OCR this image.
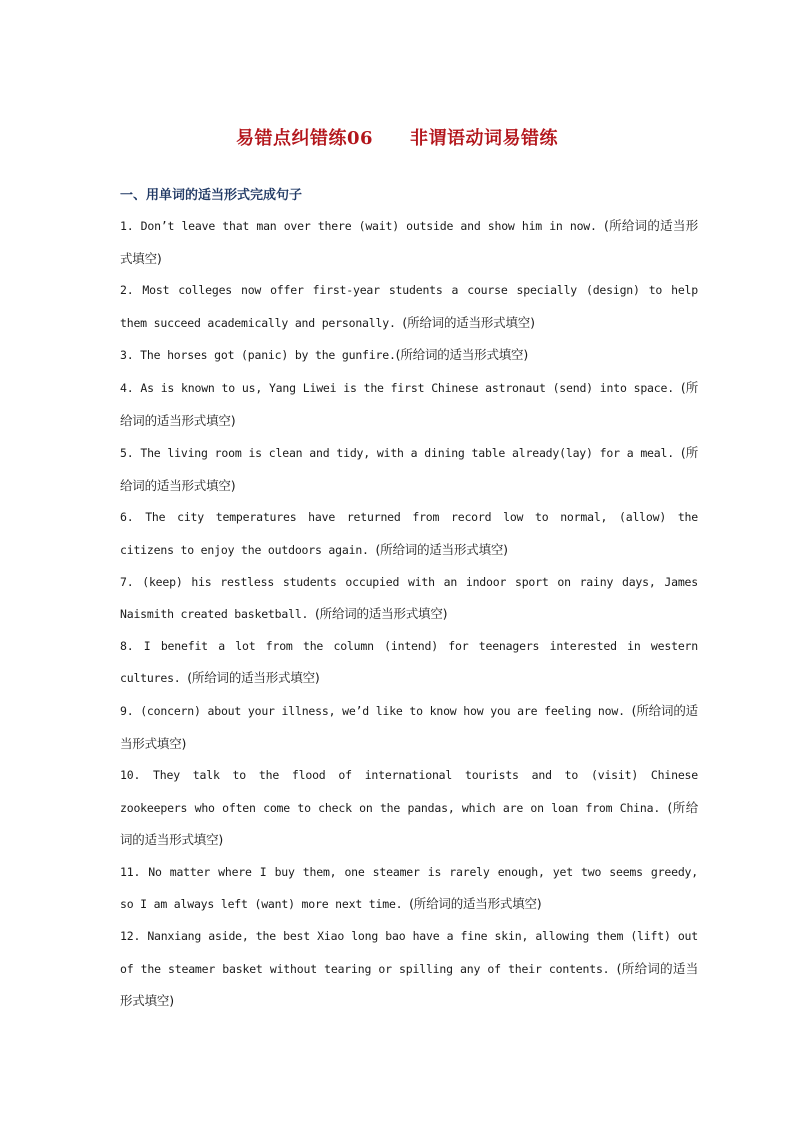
易错点纠错练06　　非谓语动词易错练
一、用单词的适当形式完成句子

1. Don’t leave that man over there (wait) outside and show him in now. (所给词的适当形式填空)

2. Most colleges now offer first-year students a course specially (design) to help them succeed academically and personally. (所给词的适当形式填空)

3. The horses got (panic) by the gunfire.(所给词的适当形式填空)

4. As is known to us, Yang Liwei is the first Chinese astronaut (send) into space. (所给词的适当形式填空)

5. The living room is clean and tidy, with a dining table already(lay) for a meal. (所给词的适当形式填空)

6. The city temperatures have returned from record low to normal, (allow) the citizens to enjoy the outdoors again. (所给词的适当形式填空)

7. (keep) his restless students occupied with an indoor sport on rainy days, James Naismith created basketball. (所给词的适当形式填空)

8. I benefit a lot from the column (intend) for teenagers interested in western cultures. (所给词的适当形式填空)

9. (concern) about your illness, we’d like to know how you are feeling now. (所给词的适当形式填空)

10. They talk to the flood of international tourists and to (visit) Chinese zookeepers who often come to check on the pandas, which are on loan from China. (所给词的适当形式填空)

11. No matter where I buy them, one steamer is rarely enough, yet two seems greedy, so I am always left (want) more next time. (所给词的适当形式填空)

12. Nanxiang aside, the best Xiao long bao have a fine skin, allowing them (lift) out of the steamer basket without tearing or spilling any of their contents. (所给词的适当形式填空)
